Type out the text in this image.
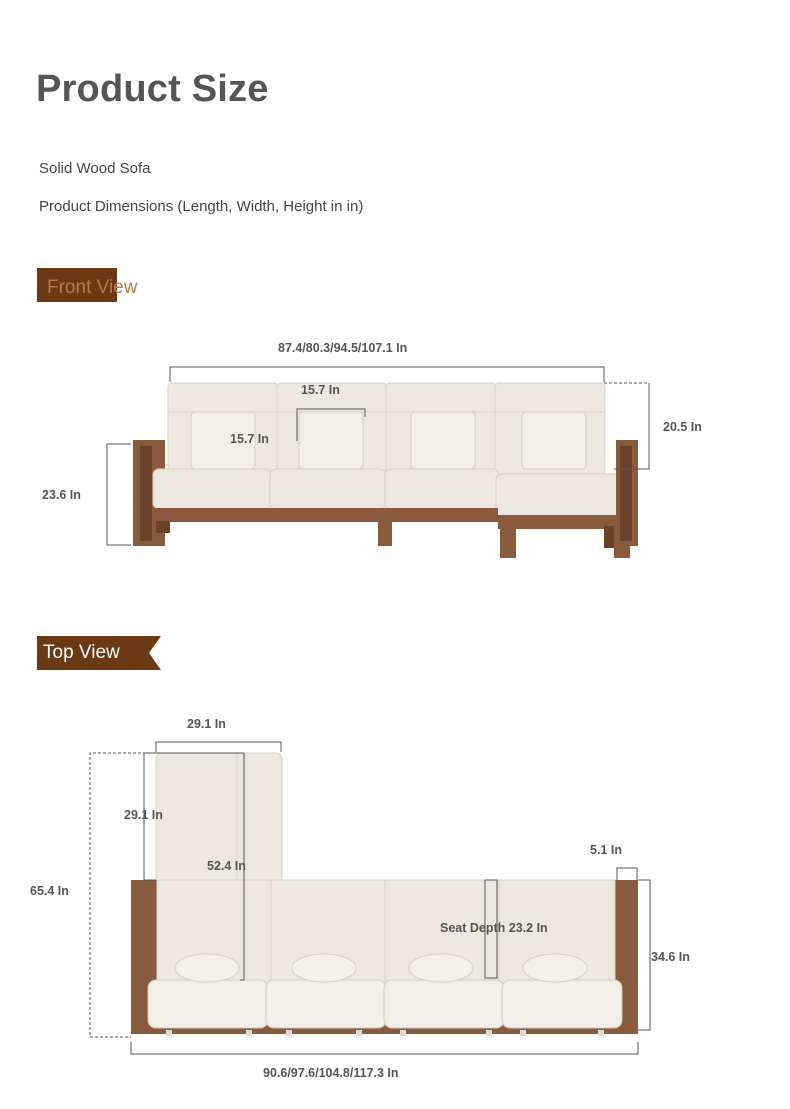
Product Size
Solid Wood Sofa
Product Dimensions (Length, Width, Height in in)
Front View
Top View
87.4/80.3/94.5/107.1 In
15.7 In
15.7 In
20.5 In
23.6 In
29.1 In
29.1 In
65.4 In
52.4 In
5.1 In
Seat Depth 23.2 In
34.6 In
90.6/97.6/104.8/117.3 In
